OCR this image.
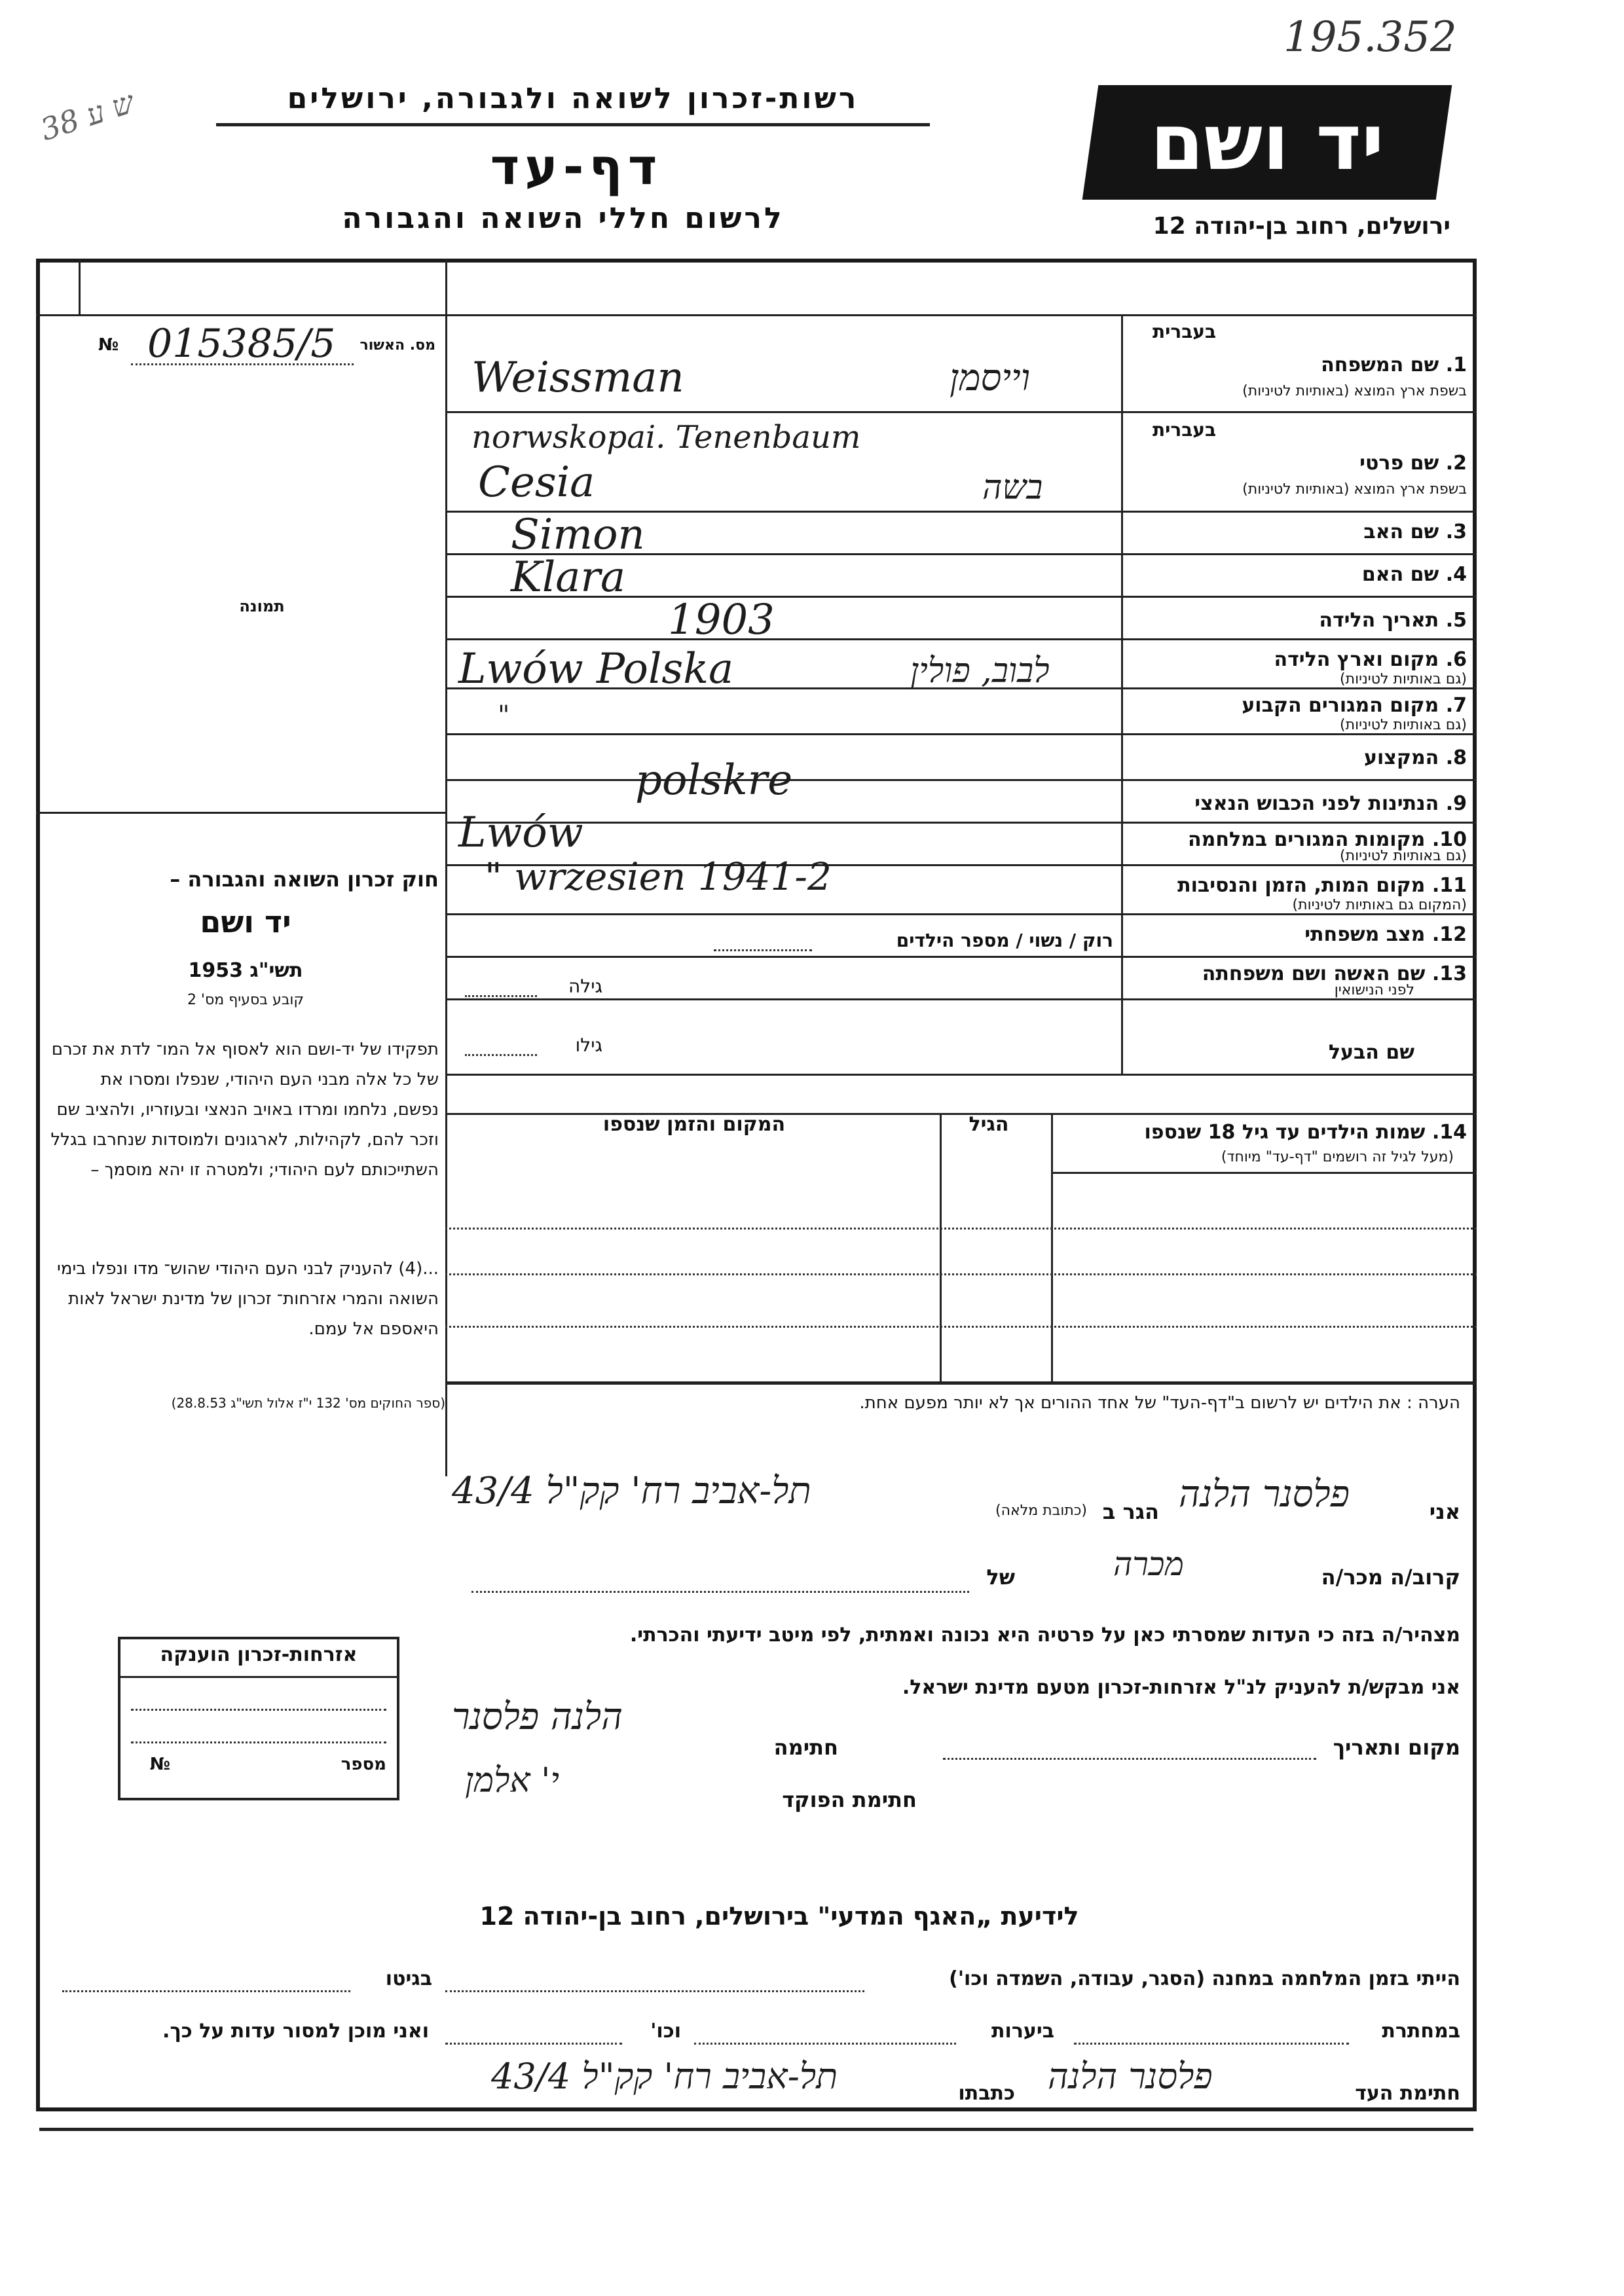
195.352
ש ע 38	רשות-זכרון לשואה ולגבורה, ירושלים
דף-עד
לרשום חללי השואה והגבורה
יד ושם
ירושלים, רחוב בן-יהודה 12
№ 015385/5 מס. האשור
תמונה
בעברית
1. שם המשפחה
בשפת ארץ המוצא (באותיות לטיניות)
Weissman	וייסמן
בעברית
norwskopai. Tenenbaum
2. שם פרטי
בשפת ארץ המוצא (באותיות לטיניות)
Cesia	בשה
3. שם האב
Simon
4. שם האם
Klara
5. תאריך הלידה
1903
6. מקום וארץ הלידה
(גם באותיות לטיניות)
Lwów Polska	לבוב, פולין
7. מקום המגורים הקבוע
(גם באותיות לטיניות)
"
8. המקצוע
9. הנתינות לפני הכבוש הנאצי
polskre
10. מקומות המגורים במלחמה
(גם באותיות לטיניות)
Lwów
11. מקום המות, הזמן והנסיבות
(המקום גם באותיות לטיניות)
" wrzesien 1941-2
12. מצב משפחתי
רוק / נשוי / מספר הילדים
13. שם האשה ושם משפחתה
לפני הנישואין
גילה
שם הבעל
גילו
14. שמות הילדים עד גיל 18 שנספו
(מעל לגיל זה רושמים "דף-עד" מיוחד)
הגיל
המקום והזמן שנספו
חוק זכרון השואה והגבורה –
יד ושם
תשי"ג 1953
קובע בסעיף מס' 2
תפקידו של יד-ושם הוא לאסוף אל המו־ לדת את זכרם של כל אלה מבני העם היהודי, שנפלו ומסרו את נפשם, נלחמו ומרדו באויב הנאצי ובעוזריו, ולהציב שם וזכר להם, לקהילות, לארגונים ולמוסדות שנחרבו בגלל השתייכותם לעם היהודי; ולמטרה זו יהא מוסמך –
...(4) להעניק לבני העם היהודי שהוש־ מדו ונפלו בימי השואה והמרי אזרחות־ זכרון של מדינת ישראל לאות היאספם אל עמם.
(ספר החוקים מס' 132 י"ז אלול תשי"ג 28.8.53)	הערה : את הילדים יש לרשום ב"דף-העד" של אחד ההורים אך לא יותר מפעם אחת.
אני
פלסנר הלנה
הגר ב
(כתובת מלאה)
תל-אביב רח' קק"ל 43/4
קרוב/ה מכר/ה
מכרה
של
מצהיר/ה בזה כי העדות שמסרתי כאן על פרטיה היא נכונה ואמתית, לפי מיטב ידיעתי והכרתי.
אני מבקש/ת להעניק לנ"ל אזרחות-זכרון מטעם מדינת ישראל.
מקום ותאריך
חתימה
הלנה פלסנר
חתימת הפוקד
י' אלמן
אזרחות-זכרון הוענקה
מספר
№
לידיעת „האגף המדעי" בירושלים, רחוב בן-יהודה 12
הייתי בזמן המלחמה במחנה (הסגר, עבודה, השמדה וכו')
בגיטו
במחתרת
ביערות
וכו'
ואני מוכן למסור עדות על כך.
חתימת העד
פלסנר הלנה
כתבתו
תל-אביב רח' קק"ל 43/4
